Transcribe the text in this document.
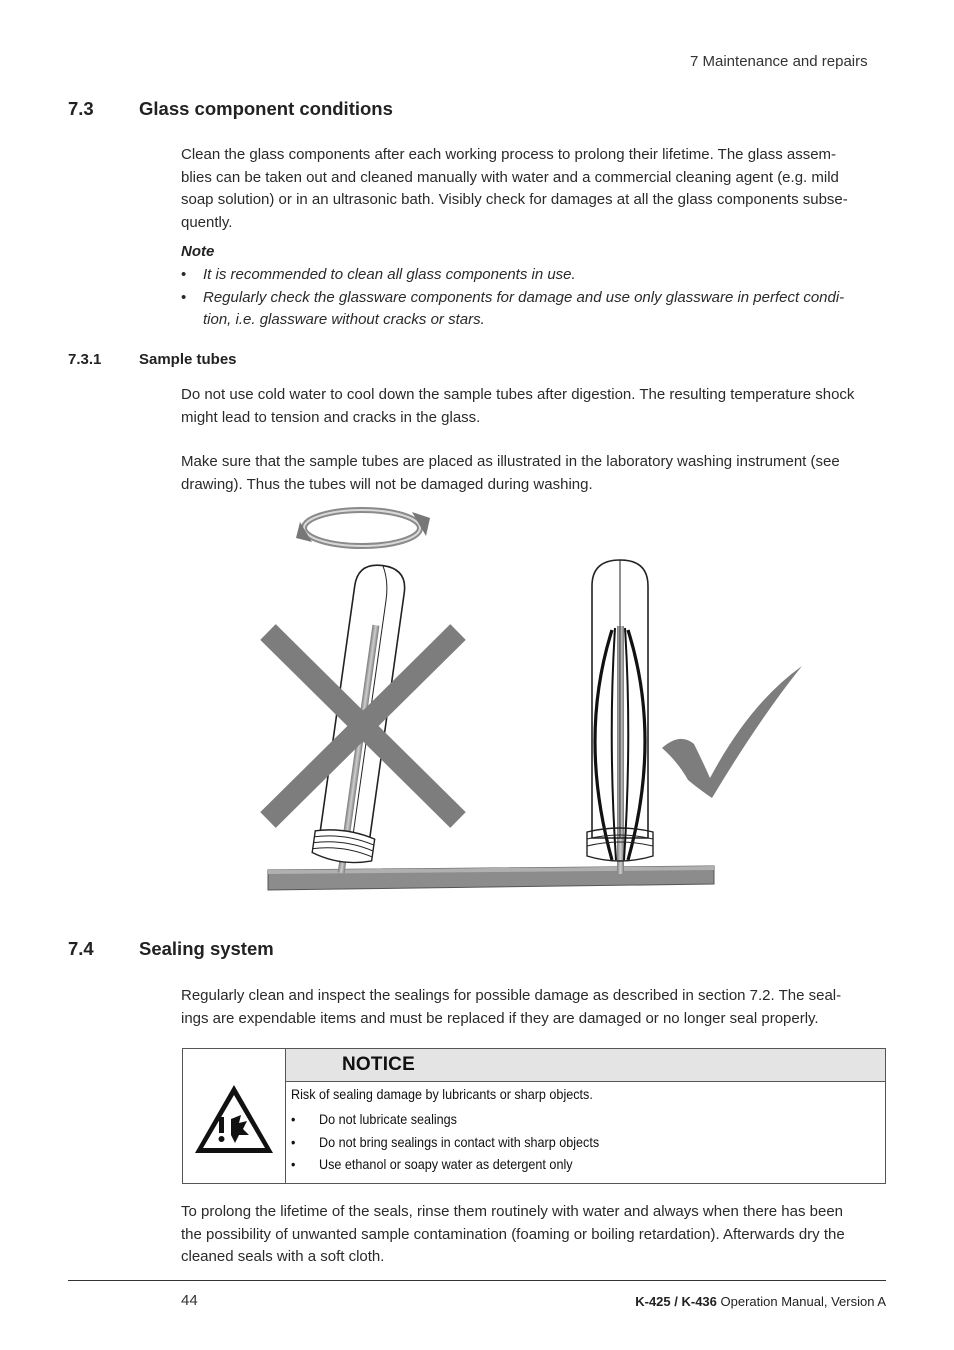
7 Maintenance and repairs
7.3 Glass component conditions
Clean the glass components after each working process to prolong their lifetime. The glass assem-
blies can be taken out and cleaned manually with water and a commercial cleaning agent (e.g. mild
soap solution) or in an ultrasonic bath. Visibly check for damages at all the glass components subse-
quently.
Note
• It is recommended to clean all glass components in use.
• Regularly check the glassware components for damage and use only glassware in perfect condi-
tion, i.e. glassware without cracks or stars.
7.3.1	Sample tubes
Do not use cold water to cool down the sample tubes after digestion. The resulting temperature shock
might lead to tension and cracks in the glass.
Make sure that the sample tubes are placed as illustrated in the laboratory washing instrument (see
drawing). Thus the tubes will not be damaged during washing.
7.4 Sealing system
Regularly clean and inspect the sealings for possible damage as described in section 7.2. The seal-
ings are expendable items and must be replaced if they are damaged or no longer seal properly.
NOTICE
Risk of sealing damage by lubricants or sharp objects.
• Do not lubricate sealings
• Do not bring sealings in contact with sharp objects
• Use ethanol or soapy water as detergent only
To prolong the lifetime of the seals, rinse them routinely with water and always when there has been
the possibility of unwanted sample contamination (foaming or boiling retardation). Afterwards dry the
cleaned seals with a soft cloth.
44	K-425 / K-436 Operation Manual, Version A
